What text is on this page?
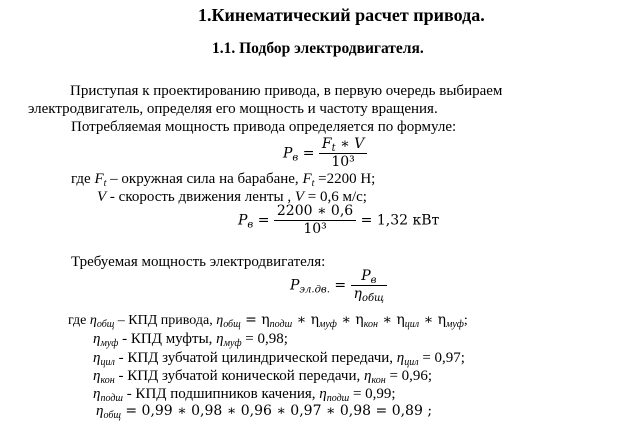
1.Кинематический расчет привода.
1.1. Подбор электродвигателя.
Приступая к проектированию привода, в первую очередь выбираем
электродвигатель, определяя его мощность и частоту вращения.
Потребляемая мощность привода определяется по формуле:
$P_в = \frac{F_t ∗ V}{\text{10³}}$
где $F_t$ – окружная сила на барабане, $F_t =2200$ Н;
V - скорость движения ленты , V = 0,6 м/с;
$P_в = \frac{2200 ∗ 0,6}{\text{10³}} = 1,32$ кВт
Требуемая мощность электродвигателя:
$P_{эл.дв.} = \frac{P_в}{\eta_{общ}}$
где $\eta_{общ}$ – КПД привода, $\eta_{общ} = \eta_{подш}$ ∗ $\eta_{муф}$ ∗ $\eta_{кон}$ ∗ $\eta_{цил}$ ∗ $\eta_{муф}$;
$\eta_{муф}$ - КПД муфты, $\eta_{муф} = 0,98$;
$\eta_{цил}$ - КПД зубчатой цилиндрической передачи, $\eta_{цил} = 0,97$;
$\eta_{кон}$ - КПД зубчатой конической передачи, $\eta_{кон} = 0,96$;
$\eta_{подш}$ - КПД подшипников качения, $\eta_{подш} = 0,99$;
$\eta_{общ} = 0,99$ ∗ 0,98 ∗ 0,96 ∗ 0,97 ∗ 0,98 = 0,89 ;
